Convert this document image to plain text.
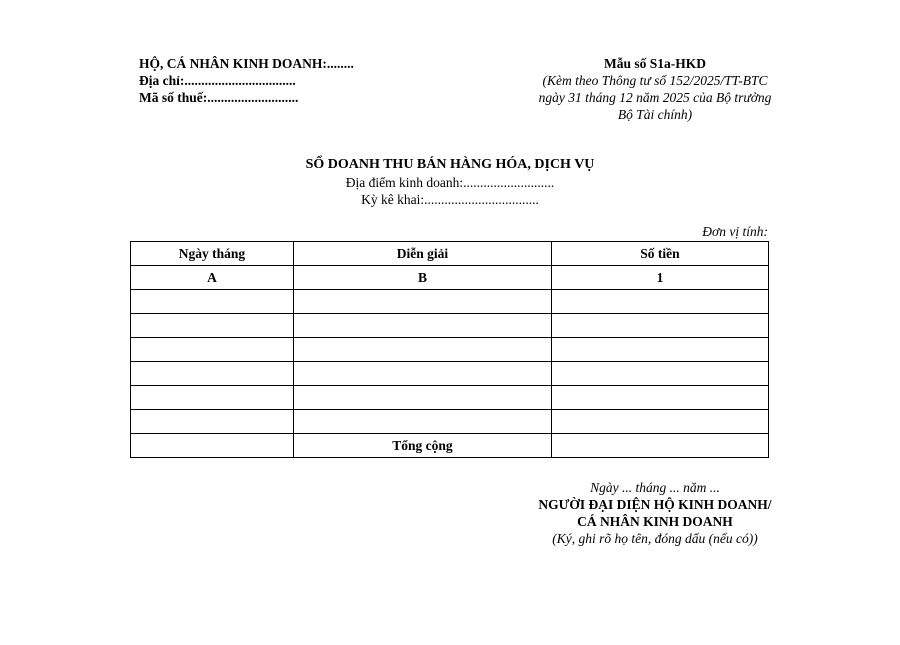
HỘ, CÁ NHÂN KINH DOANH:........
Địa chỉ:.................................
Mã số thuế:...........................
Mẫu số S1a-HKD
(Kèm theo Thông tư số 152/2025/TT-BTC
ngày 31 tháng 12 năm 2025 của Bộ trưởng
Bộ Tài chính)
SỔ DOANH THU BÁN HÀNG HÓA, DỊCH VỤ
Địa điểm kinh doanh:...........................
Kỳ kê khai:..................................
Đơn vị tính:
Ngày tháng	Diễn giải	Số tiền
A	B	1

	Tổng cộng	
Ngày ... tháng ... năm ...
NGƯỜI ĐẠI DIỆN HỘ KINH DOANH/
CÁ NHÂN KINH DOANH
(Ký, ghi rõ họ tên, đóng dấu (nếu có))
